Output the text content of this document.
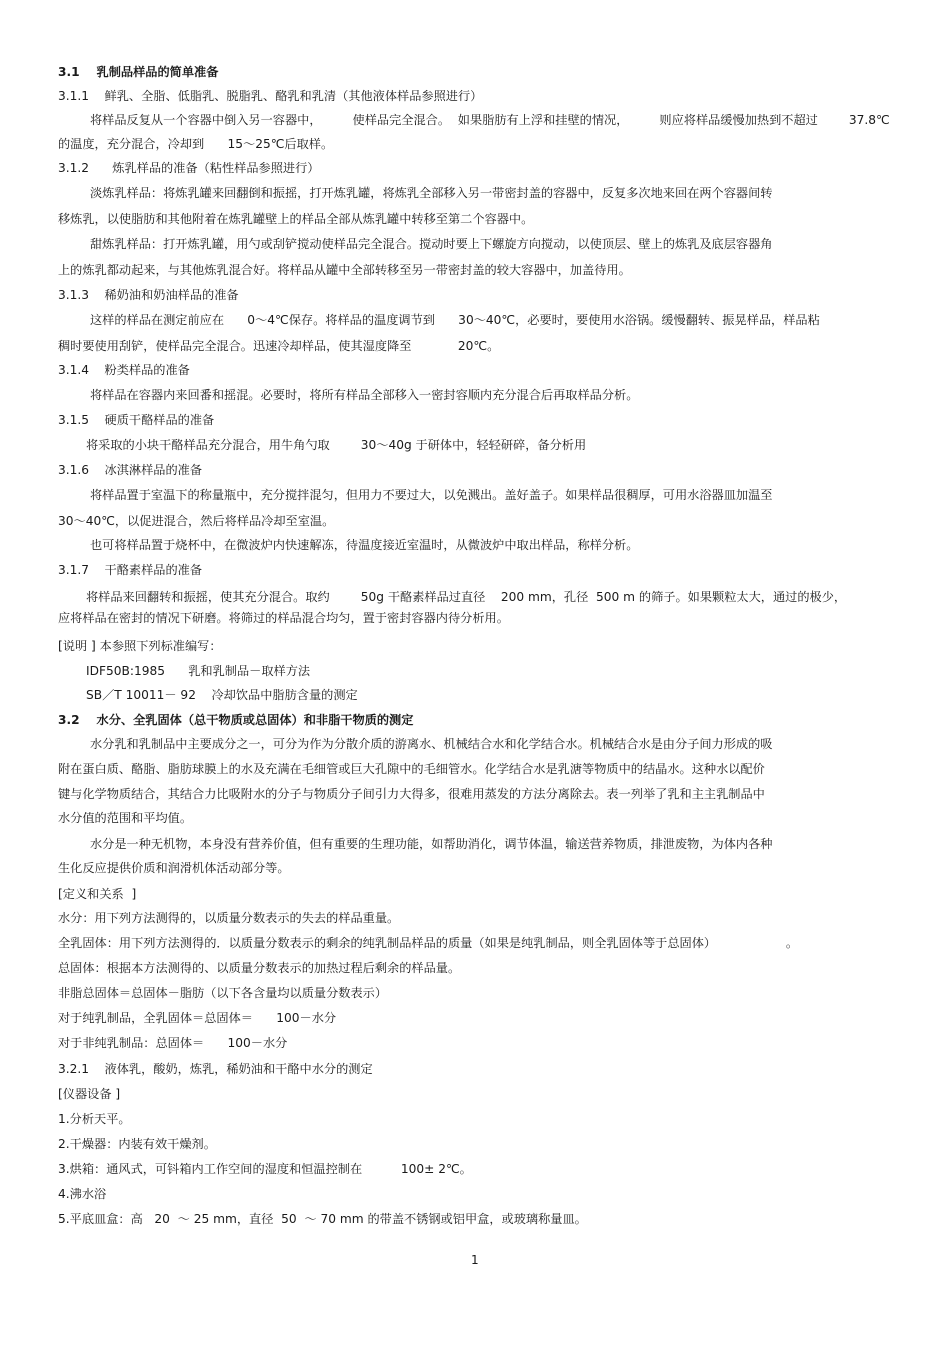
3.1    乳制品样品的简单准备
3.1.1    鲜乳、全脂、低脂乳、脱脂乳、酪乳和乳清（其他液体样品参照进行）
将样品反复从一个容器中倒入另一容器中，        使样品完全混合。  如果脂肪有上浮和挂壁的情况，        则应将样品缓慢加热到不超过        37.8℃
的温度，充分混合，冷却到      15～25℃后取样。
3.1.2      炼乳样品的准备（粘性样品参照进行）
淡炼乳样品：将炼乳罐来回翻倒和振摇，打开炼乳罐，将炼乳全部移入另一带密封盖的容器中，反复多次地来回在两个容器间转
移炼乳，以使脂肪和其他附着在炼乳罐壁上的样品全部从炼乳罐中转移至第二个容器中。
甜炼乳样品：打开炼乳罐，用勺或刮铲搅动使样品完全混合。搅动时要上下螺旋方向搅动，以使顶层、壁上的炼乳及底层容器角
上的炼乳都动起来，与其他炼乳混合好。将样品从罐中全部转移至另一带密封盖的较大容器中，加盖待用。
3.1.3    稀奶油和奶油样品的准备
这样的样品在测定前应在      0～4℃保存。将样品的温度调节到      30～40℃，必要时，要使用水浴锅。缓慢翻转、振晃样品，样品粘
稠时要使用刮铲，使样品完全混合。迅速冷却样品，使其湿度降至            20℃。
3.1.4    粉类样品的准备
将样品在容器内来回番和摇混。必要时，将所有样品全部移入一密封容顺内充分混合后再取样品分析。
3.1.5    硬质干酪样品的准备
将采取的小块干酪样品充分混合，用牛角勺取        30～40g 于研体中，轻轻研碎，备分析用
3.1.6    冰淇淋样品的准备
将样品置于室温下的称量瓶中，充分搅拌混匀，但用力不要过大，以免溅出。盖好盖子。如果样品很稠厚，可用水浴器皿加温至
30～40℃，以促进混合，然后将样品冷却至室温。
也可将样品置于烧杯中，在微波炉内快速解冻，待温度接近室温时，从微波炉中取出样品，称样分析。
3.1.7    干酪素样品的准备
将样品来回翻转和振摇，使其充分混合。取约        50g 干酪素样品过直径    200 mm，孔径  500 m 的筛子。如果颗粒太大，通过的极少，
应将样品在密封的情况下研磨。将筛过的样品混合均匀，置于密封容器内待分析用。
[说明 ] 本参照下列标准编写：
IDF50B:1985      乳和乳制品－取样方法
SB／T 10011－ 92    冷却饮品中脂肪含量的测定
3.2    水分、全乳固体（总干物质或总固体）和非脂干物质的测定
水分乳和乳制品中主要成分之一，可分为作为分散介质的游离水、机械结合水和化学结合水。机械结合水是由分子间力形成的吸
附在蛋白质、酪脂、脂肪球膜上的水及充满在毛细管或巨大孔隙中的毛细管水。化学结合水是乳溏等物质中的结晶水。这种水以配价
键与化学物质结合，其结合力比吸附水的分子与物质分子间引力大得多，很难用蒸发的方法分离除去。表一列举了乳和主主乳制品中
水分值的范围和平均值。
水分是一种无机物，本身没有营养价值，但有重要的生理功能，如帮助消化，调节体温，输送营养物质，排泄废物，为体内各种
生化反应提供价质和润滑机体活动部分等。
[定义和关系  ]
水分：用下列方法测得的，以质量分数表示的失去的样品重量。
全乳固体：用下列方法测得的．以质量分数表示的剩余的纯乳制品样品的质量（如果是纯乳制品，则全乳固体等于总固体）                  。
总固体：根据本方法测得的、以质量分数表示的加热过程后剩余的样品量。
非脂总固体＝总固体－脂肪（以下各含量均以质量分数表示）
对于纯乳制品，全乳固体＝总固体＝      100－水分
对于非纯乳制品：总固体＝      100－水分
3.2.1    液体乳，酸奶，炼乳，稀奶油和干酪中水分的测定
[仪器设备 ]
1.分析天平。
2.干燥器：内装有效干燥剂。
3.烘箱：通风式，可钭箱内工作空间的湿度和恒温控制在          100± 2℃。
4.沸水浴
5.平底皿盒：高   20  ～ 25 mm，直径  50  ～ 70 mm 的带盖不锈钢或铝甲盒，或玻璃称量皿。
1
